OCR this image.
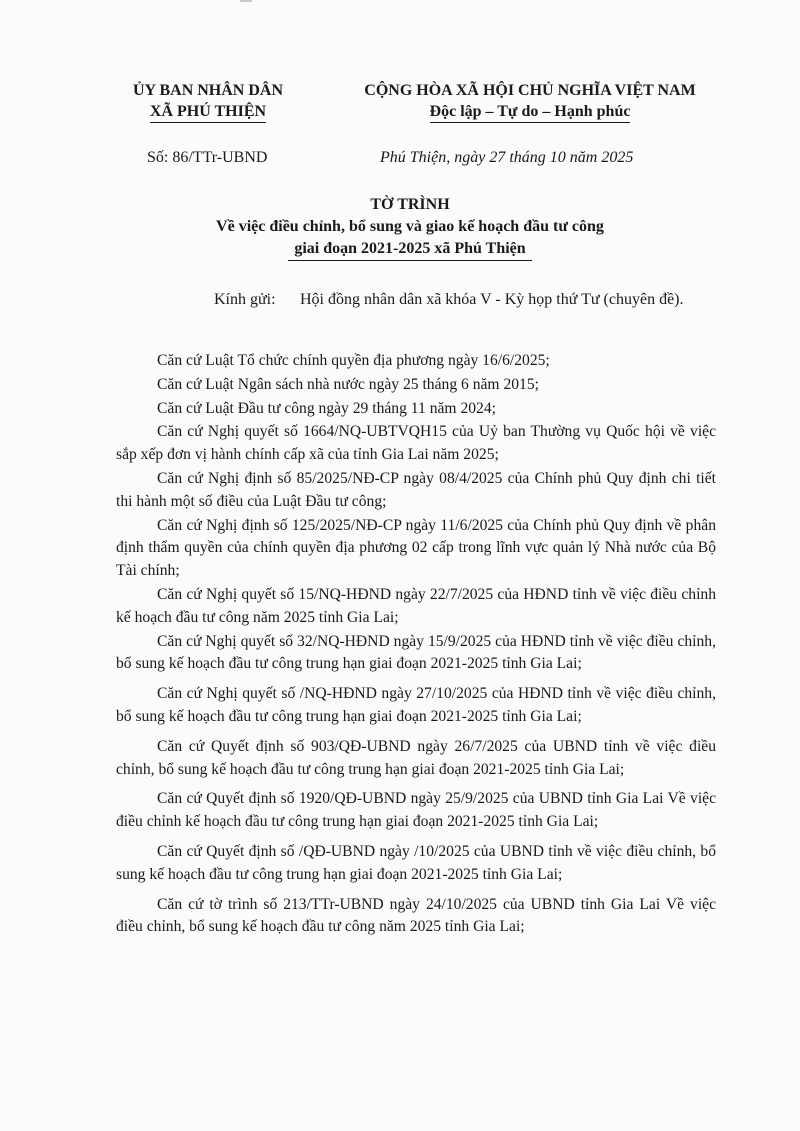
ỦY BAN NHÂN DÂN
XÃ PHÚ THIỆN
CỘNG HÒA XÃ HỘI CHỦ NGHĨA VIỆT NAM
Độc lập – Tự do – Hạnh phúc
Số: 86/TTr-UBND	Phú Thiện, ngày 27 tháng 10 năm 2025
TỜ TRÌNH
Về việc điều chỉnh, bổ sung và giao kế hoạch đầu tư công
giai đoạn 2021-2025 xã Phú Thiện
Kính gửi: Hội đồng nhân dân xã khóa V - Kỳ họp thứ Tư (chuyên đề).

Căn cứ Luật Tổ chức chính quyền địa phương ngày 16/6/2025;

Căn cứ Luật Ngân sách nhà nước ngày 25 tháng 6 năm 2015;

Căn cứ Luật Đầu tư công ngày 29 tháng 11 năm 2024;

Căn cứ Nghị quyết số 1664/NQ-UBTVQH15 của Uỷ ban Thường vụ Quốc hội về việc sắp xếp đơn vị hành chính cấp xã của tỉnh Gia Lai năm 2025;

Căn cứ Nghị định số 85/2025/NĐ-CP ngày 08/4/2025 của Chính phủ Quy định chi tiết thi hành một số điều của Luật Đầu tư công;

Căn cứ Nghị định số 125/2025/NĐ-CP ngày 11/6/2025 của Chính phủ Quy định về phân định thẩm quyền của chính quyền địa phương 02 cấp trong lĩnh vực quản lý Nhà nước của Bộ Tài chính;

Căn cứ Nghị quyết số 15/NQ-HĐND ngày 22/7/2025 của HĐND tỉnh về việc điều chỉnh kế hoạch đầu tư công năm 2025 tỉnh Gia Lai;

Căn cứ Nghị quyết số 32/NQ-HĐND ngày 15/9/2025 của HĐND tỉnh về việc điều chỉnh, bổ sung kế hoạch đầu tư công trung hạn giai đoạn 2021-2025 tỉnh Gia Lai;

Căn cứ Nghị quyết số /NQ-HĐND ngày 27/10/2025 của HĐND tỉnh về việc điều chỉnh, bổ sung kế hoạch đầu tư công trung hạn giai đoạn 2021-2025 tỉnh Gia Lai;

Căn cứ Quyết định số 903/QĐ-UBND ngày 26/7/2025 của UBND tỉnh về việc điều chỉnh, bổ sung kế hoạch đầu tư công trung hạn giai đoạn 2021-2025 tỉnh Gia Lai;

Căn cứ Quyết định số 1920/QĐ-UBND ngày 25/9/2025 của UBND tỉnh Gia Lai Về việc điều chỉnh kế hoạch đầu tư công trung hạn giai đoạn 2021-2025 tỉnh Gia Lai;

Căn cứ Quyết định số /QĐ-UBND ngày /10/2025 của UBND tỉnh về việc điều chỉnh, bổ sung kế hoạch đầu tư công trung hạn giai đoạn 2021-2025 tỉnh Gia Lai;

Căn cứ tờ trình số 213/TTr-UBND ngày 24/10/2025 của UBND tỉnh Gia Lai Về việc điều chỉnh, bổ sung kế hoạch đầu tư công năm 2025 tỉnh Gia Lai;
